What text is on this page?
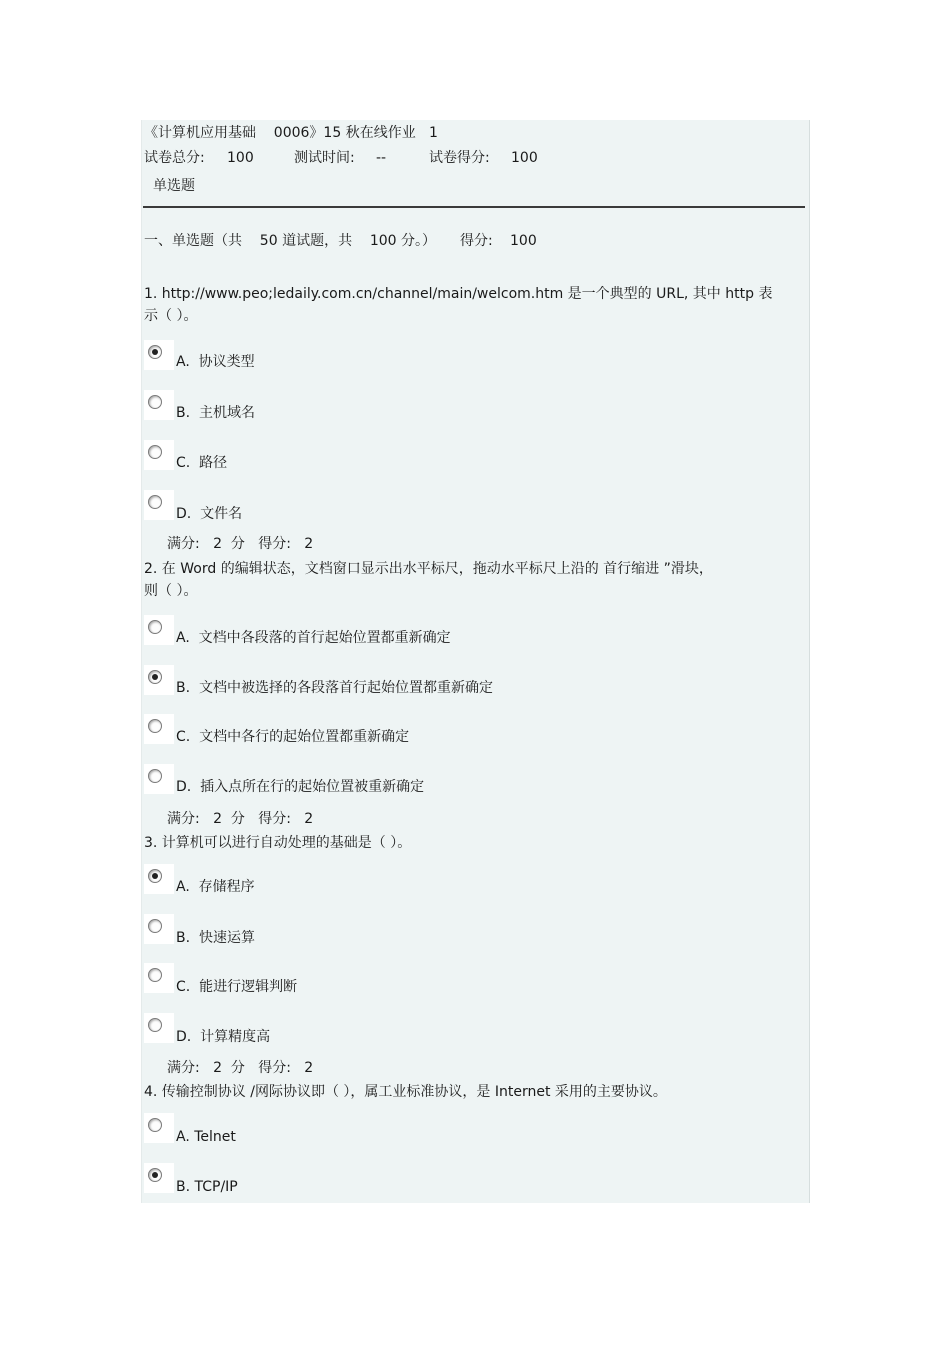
《计算机应用基础    0006》15 秋在线作业   1
试卷总分: 100	测试时间: --	试卷得分: 100
单选题
一、单选题（共    50 道试题，共    100 分。） 得分: 100
1. http://www.peo;ledaily.com.cn/channel/main/welcom.htm 是一个典型的 URL, 其中 http 表
示（ ）。
A.  协议类型
B.  主机域名
C.  路径
D.  文件名
满分:   2  分   得分:   2
2. 在 Word 的编辑状态，文档窗口显示出水平标尺，拖动水平标尺上沿的 首行缩进 ”滑块，
则（ ）。
A.  文档中各段落的首行起始位置都重新确定
B.  文档中被选择的各段落首行起始位置都重新确定
C.  文档中各行的起始位置都重新确定
D.  插入点所在行的起始位置被重新确定
满分:   2  分   得分:   2
3. 计算机可以进行自动处理的基础是（ ）。
A.  存储程序
B.  快速运算
C.  能进行逻辑判断
D.  计算精度高
满分:   2  分   得分:   2
4. 传输控制协议 /网际协议即（ ），属工业标准协议，是 Internet 采用的主要协议。
A. Telnet
B. TCP/IP
